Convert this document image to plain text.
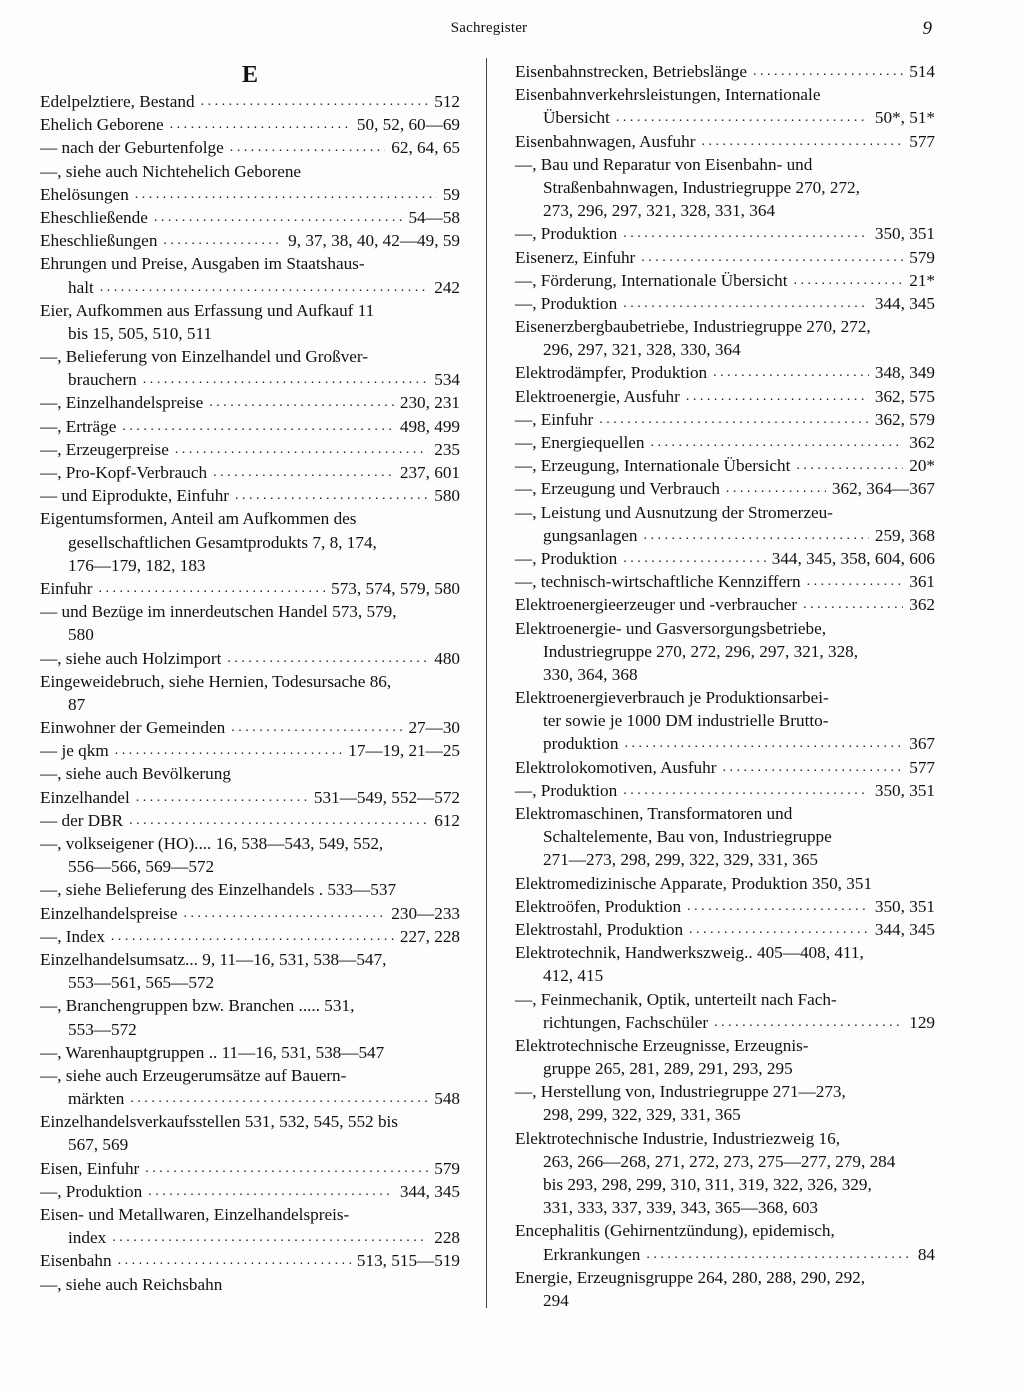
Sachregister	9
E
Edelpelztiere, Bestand . . .	512
Ehelich Geborene . . .	50, 52, 60—69
— nach der Geburtenfolge . . .	62, 64, 65
—, siehe auch Nichtehelich Geborene
Ehelösungen . . .	59
Eheschließende . . .	54—58
Eheschließungen . . .	9, 37, 38, 40, 42—49, 59
Ehrungen und Preise, Ausgaben im Staatshaus-
halt . . .	242
Eier, Aufkommen aus Erfassung und Aufkauf 11
bis 15, 505, 510, 511
—, Belieferung von Einzelhandel und Großver-
brauchern . . .	534
—, Einzelhandelspreise . . .	230, 231
—, Erträge . . .	498, 499
—, Erzeugerpreise . . .	235
—, Pro-Kopf-Verbrauch . . .	237, 601
— und Eiprodukte, Einfuhr . . .	580
Eigentumsformen, Anteil am Aufkommen des
gesellschaftlichen Gesamtprodukts 7, 8, 174,
176—179, 182, 183
Einfuhr . . .	573, 574, 579, 580
— und Bezüge im innerdeutschen Handel 573, 579,
580
—, siehe auch Holzimport . . .	480
Eingeweidebruch, siehe Hernien, Todesursache 86,
87
Einwohner der Gemeinden . . .	27—30
— je qkm . . .	17—19, 21—25
—, siehe auch Bevölkerung
Einzelhandel . . .	531—549, 552—572
— der DBR . . .	612
—, volkseigener (HO).... 16, 538—543, 549, 552,
556—566, 569—572
—, siehe Belieferung des Einzelhandels . 533—537
Einzelhandelspreise . . .	230—233
—, Index . . .	227, 228
Einzelhandelsumsatz... 9, 11—16, 531, 538—547,
553—561, 565—572
—, Branchengruppen bzw. Branchen ..... 531,
553—572
—, Warenhauptgruppen .. 11—16, 531, 538—547
—, siehe auch Erzeugerumsätze auf Bauern-
märkten . . .	548
Einzelhandelsverkaufsstellen 531, 532, 545, 552 bis
567, 569
Eisen, Einfuhr . . .	579
—, Produktion . . .	344, 345
Eisen- und Metallwaren, Einzelhandelspreis-
index . . .	228
Eisenbahn . . .	513, 515—519
—, siehe auch Reichsbahn
Eisenbahnstrecken, Betriebslänge . . .	514
Eisenbahnverkehrsleistungen, Internationale
Übersicht . . .	50*, 51*
Eisenbahnwagen, Ausfuhr . . .	577
—, Bau und Reparatur von Eisenbahn- und
Straßenbahnwagen, Industriegruppe 270, 272,
273, 296, 297, 321, 328, 331, 364
—, Produktion . . .	350, 351
Eisenerz, Einfuhr . . .	579
—, Förderung, Internationale Übersicht . . .	21*
—, Produktion . . .	344, 345
Eisenerzbergbaubetriebe, Industriegruppe 270, 272,
296, 297, 321, 328, 330, 364
Elektrodämpfer, Produktion . . .	348, 349
Elektroenergie, Ausfuhr . . .	362, 575
—, Einfuhr . . .	362, 579
—, Energiequellen . . .	362
—, Erzeugung, Internationale Übersicht . . .	20*
—, Erzeugung und Verbrauch . . .	362, 364—367
—, Leistung und Ausnutzung der Stromerzeu-
gungsanlagen . . .	259, 368
—, Produktion . . .	344, 345, 358, 604, 606
—, technisch-wirtschaftliche Kennziffern . . .	361
Elektroenergieerzeuger und -verbraucher . . .	362
Elektroenergie- und Gasversorgungsbetriebe,
Industriegruppe 270, 272, 296, 297, 321, 328,
330, 364, 368
Elektroenergieverbrauch je Produktionsarbei-
ter sowie je 1000 DM industrielle Brutto-
produktion . . .	367
Elektrolokomotiven, Ausfuhr . . .	577
—, Produktion . . .	350, 351
Elektromaschinen, Transformatoren und
Schaltelemente, Bau von, Industriegruppe
271—273, 298, 299, 322, 329, 331, 365
Elektromedizinische Apparate, Produktion 350, 351
Elektroöfen, Produktion . . .	350, 351
Elektrostahl, Produktion . . .	344, 345
Elektrotechnik, Handwerkszweig.. 405—408, 411,
412, 415
—, Feinmechanik, Optik, unterteilt nach Fach-
richtungen, Fachschüler . . .	129
Elektrotechnische Erzeugnisse, Erzeugnis-
gruppe 265, 281, 289, 291, 293, 295
—, Herstellung von, Industriegruppe 271—273,
298, 299, 322, 329, 331, 365
Elektrotechnische Industrie, Industriezweig 16,
263, 266—268, 271, 272, 273, 275—277, 279, 284
bis 293, 298, 299, 310, 311, 319, 322, 326, 329,
331, 333, 337, 339, 343, 365—368, 603
Encephalitis (Gehirnentzündung), epidemisch,
Erkrankungen . . .	84
Energie, Erzeugnisgruppe 264, 280, 288, 290, 292,
294
